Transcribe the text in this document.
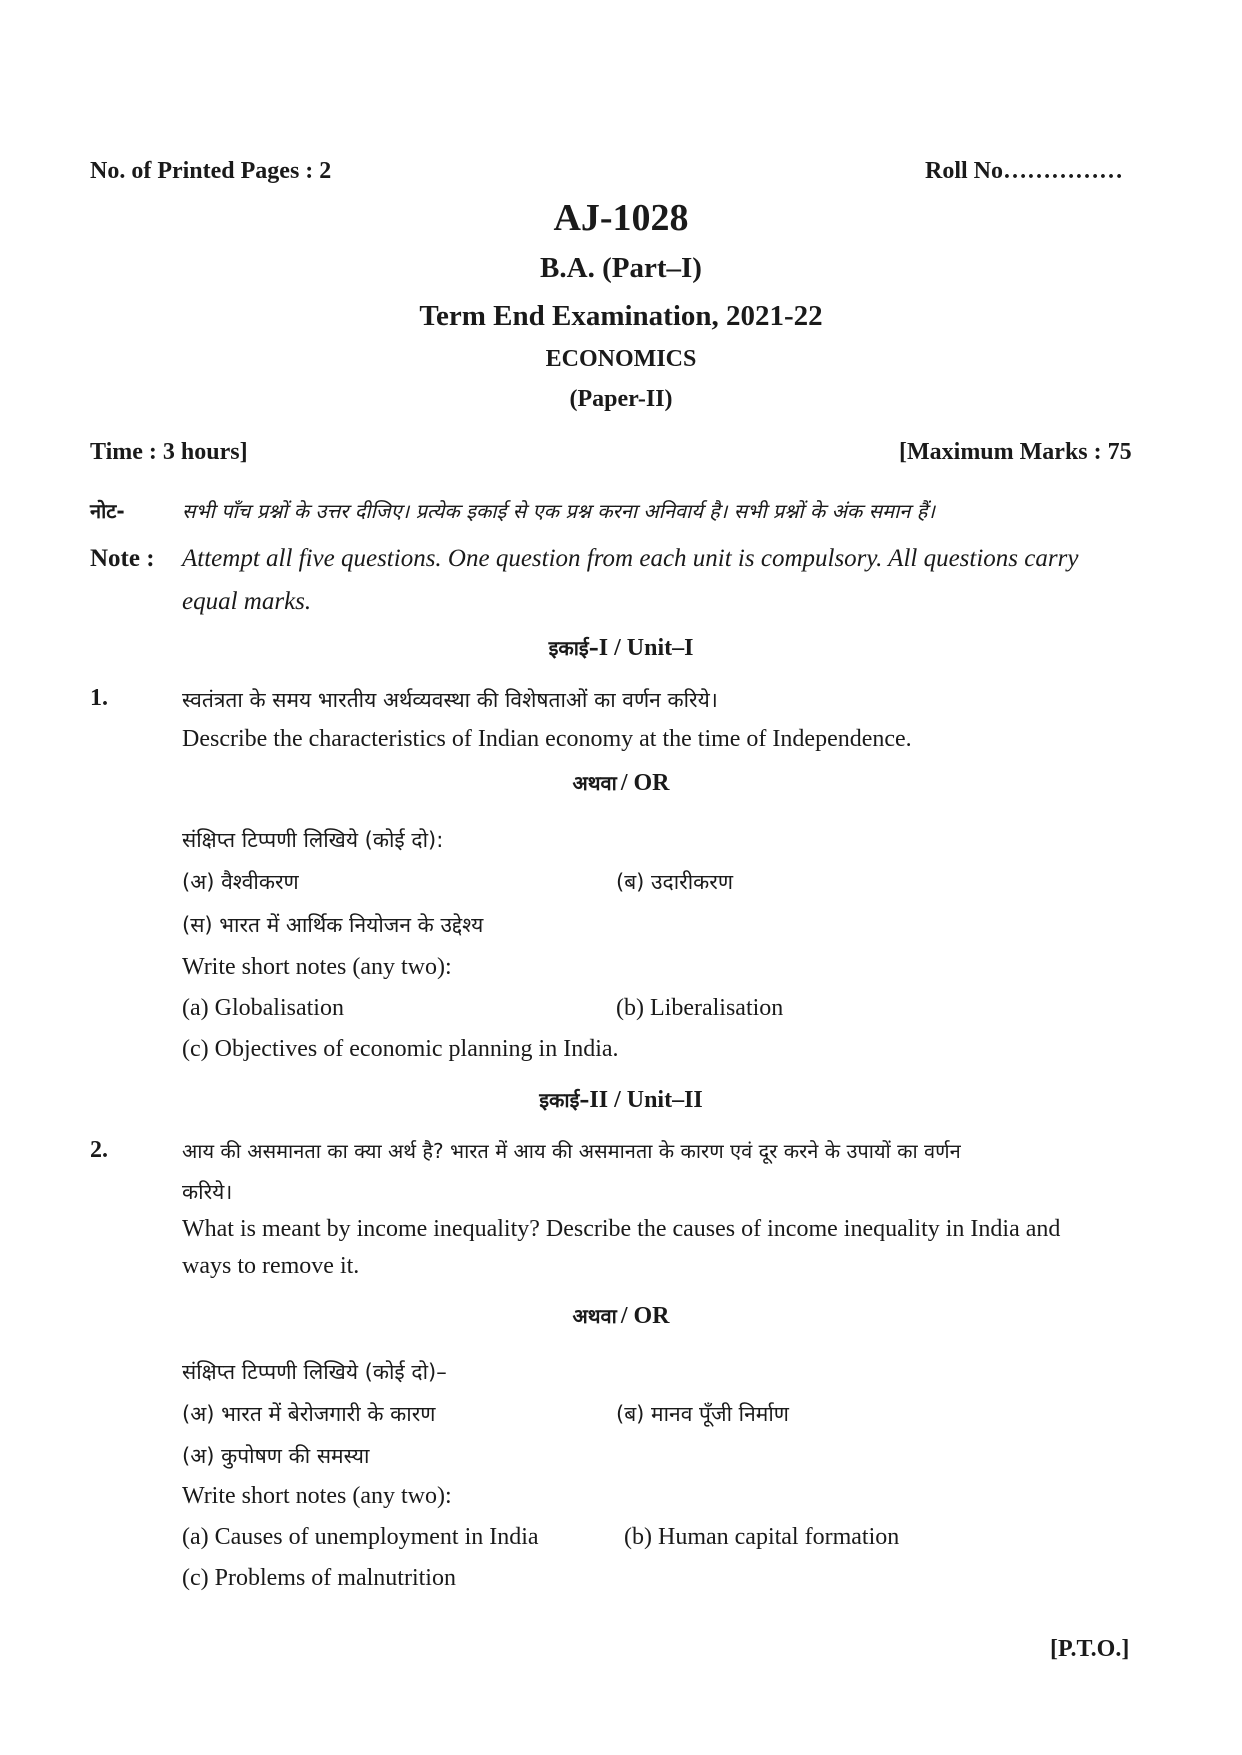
No. of Printed Pages : 2	Roll No……………
AJ-1028
B.A. (Part–I)
Term End Examination, 2021-22
ECONOMICS
(Paper-II)
Time : 3 hours]	[Maximum Marks : 75
नोट-	सभी पाँच प्रश्नों के उत्तर दीजिए। प्रत्येक इकाई से एक प्रश्न करना अनिवार्य है। सभी प्रश्नों के अंक समान हैं।
Note : Attempt all five questions. One question from each unit is compulsory. All questions carry
equal marks.
इकाई–I / Unit–I
1.	स्वतंत्रता के समय भारतीय अर्थव्यवस्था की विशेषताओं का वर्णन करिये।
Describe the characteristics of Indian economy at the time of Independence.
अथवा / OR
संक्षिप्त टिप्पणी लिखिये (कोई दो):
(अ) वैश्वीकरण	(ब) उदारीकरण
(स) भारत में आर्थिक नियोजन के उद्देश्य
Write short notes (any two):
(a) Globalisation	(b) Liberalisation
(c) Objectives of economic planning in India.
इकाई–II / Unit–II
2.	आय की असमानता का क्या अर्थ है? भारत में आय की असमानता के कारण एवं दूर करने के उपायों का वर्णन
करिये।
What is meant by income inequality? Describe the causes of income inequality in India and
ways to remove it.
अथवा / OR
संक्षिप्त टिप्पणी लिखिये (कोई दो)–
(अ) भारत में बेरोजगारी के कारण	(ब) मानव पूँजी निर्माण
(अ) कुपोषण की समस्या
Write short notes (any two):
(a) Causes of unemployment in India	(b) Human capital formation
(c) Problems of malnutrition
[P.T.O.]
